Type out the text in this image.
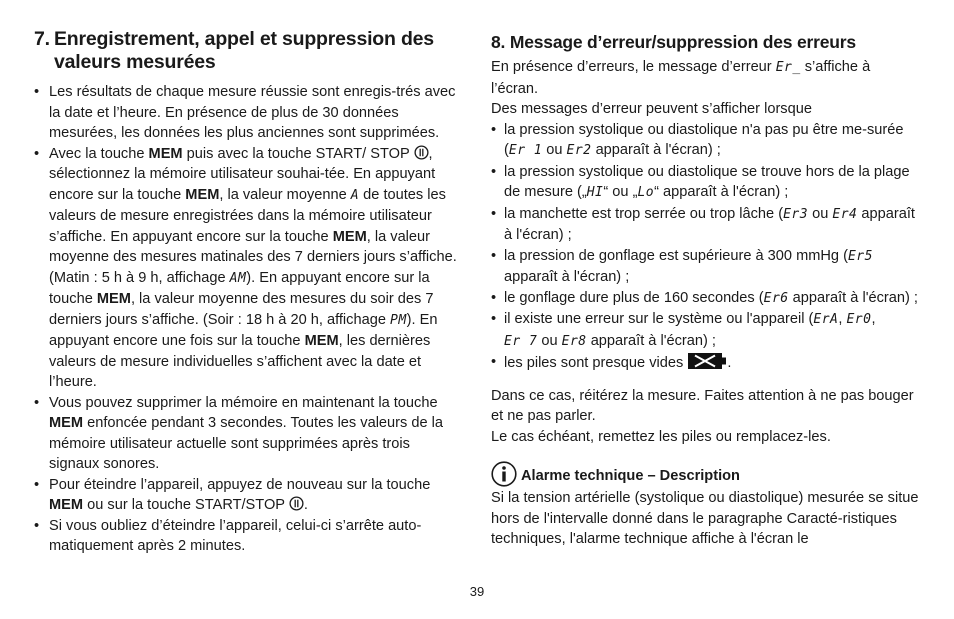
7. Enregistrement, appel et suppression des
valeurs mesurées
• Les résultats de chaque mesure réussie sont enregis-trés avec la date et l’heure. En présence de plus de 30 données mesurées, les données les plus anciennes sont supprimées.
• Avec la touche MEM puis avec la touche START/ STOP , sélectionnez la mémoire utilisateur souhai-tée. En appuyant encore sur la touche MEM, la valeur moyenne A de toutes les valeurs de mesure enregistrées dans la mémoire utilisateur s’affiche. En appuyant encore sur la touche MEM, la valeur moyenne des mesures matinales des 7 derniers jours s’affiche. (Matin : 5 h à 9 h, affichage AM). En appuyant encore sur la touche MEM, la valeur moyenne des mesures du soir des 7 derniers jours s’affiche. (Soir : 18 h à 20 h, affichage PM). En appuyant encore une fois sur la touche MEM, les dernières valeurs de mesure individuelles s’affichent avec la date et l’heure.
• Vous pouvez supprimer la mémoire en maintenant la touche MEM enfoncée pendant 3 secondes. Toutes les valeurs de la mémoire utilisateur actuelle sont supprimées après trois signaux sonores.
• Pour éteindre l’appareil, appuyez de nouveau sur la touche MEM ou sur la touche START/STOP .
• Si vous oubliez d’éteindre l’appareil, celui-ci s’arrête auto-matiquement après 2 minutes.
8. Message d’erreur/suppression des erreurs

En présence d’erreurs, le message d’erreur Er_ s’affiche à l’écran.

Des messages d’erreur peuvent s’afficher lorsque

• la pression systolique ou diastolique n'a pas pu être me-surée (Er 1 ou Er2 apparaît à l'écran) ;
• la pression systolique ou diastolique se trouve hors de la plage de mesure („HI“ ou „Lo“ apparaît à l'écran) ;
• la manchette est trop serrée ou trop lâche (Er3 ou Er4 apparaît à l'écran) ;
• la pression de gonflage est supérieure à 300 mmHg (Er5 apparaît à l'écran) ;
• le gonflage dure plus de 160 secondes (Er6 apparaît à l'écran) ;
• il existe une erreur sur le système ou l'appareil (ErA, Er0,
Er 7 ou Er8 apparaît à l'écran) ;
• les piles sont presque vides	.

Dans ce cas, réitérez la mesure. Faites attention à ne pas bouger et ne pas parler.

Le cas échéant, remettez les piles ou remplacez-les.

Alarme technique – Description

Si la tension artérielle (systolique ou diastolique) mesurée se situe hors de l'intervalle donné dans le paragraphe Caracté-ristiques techniques, l'alarme technique affiche à l'écran le

39
